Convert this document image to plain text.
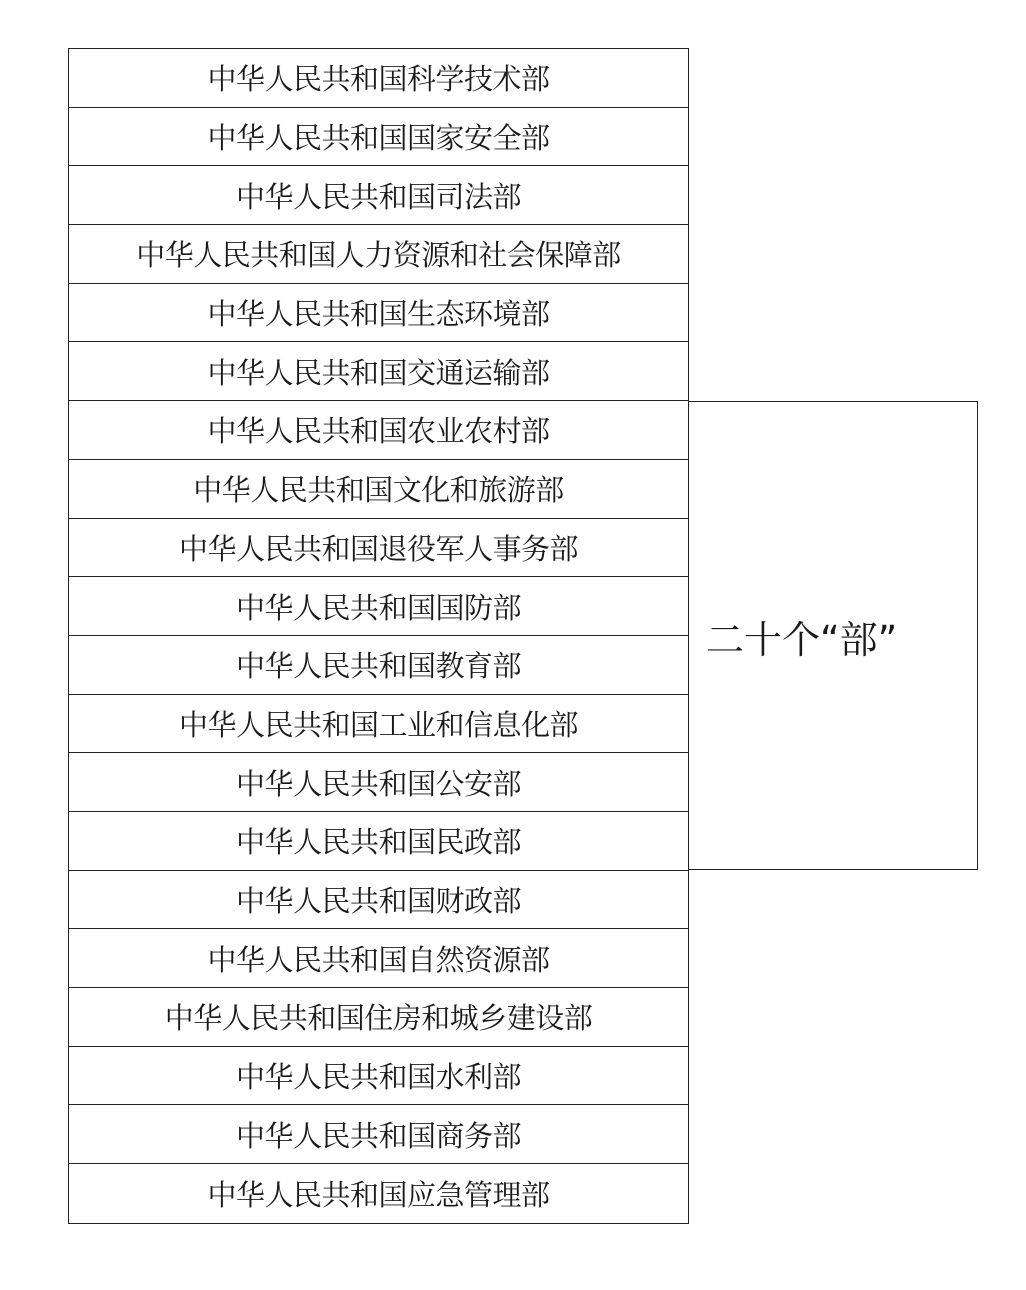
中华人民共和国科学技术部
中华人民共和国国家安全部
中华人民共和国司法部
中华人民共和国人力资源和社会保障部
中华人民共和国生态环境部
中华人民共和国交通运输部
中华人民共和国农业农村部
中华人民共和国文化和旅游部
中华人民共和国退役军人事务部
中华人民共和国国防部
中华人民共和国教育部
中华人民共和国工业和信息化部
中华人民共和国公安部
中华人民共和国民政部
中华人民共和国财政部
中华人民共和国自然资源部
中华人民共和国住房和城乡建设部
中华人民共和国水利部
中华人民共和国商务部
中华人民共和国应急管理部
二十个“部”
